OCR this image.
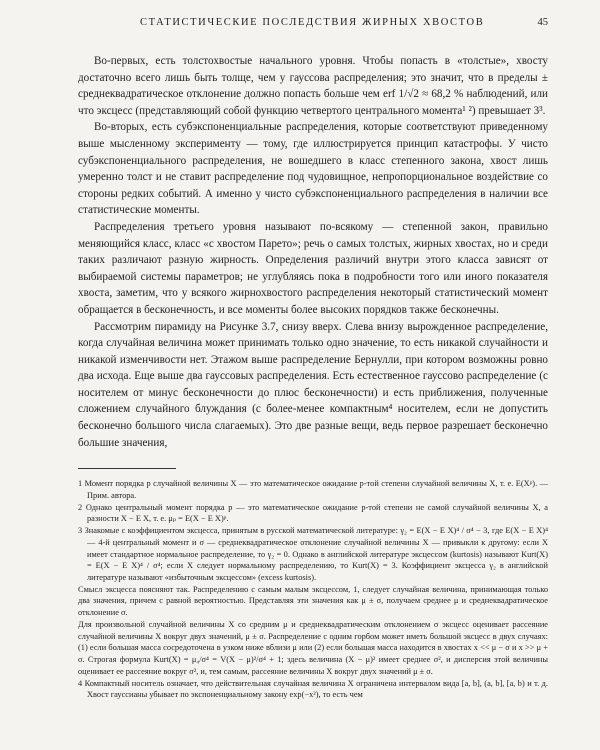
СТАТИСТИЧЕСКИЕ ПОСЛЕДСТВИЯ ЖИРНЫХ ХВОСТОВ	45

Во-первых, есть толстохвостые начального уровня. Чтобы попасть в «толстые», хвосту достаточно всего лишь быть толще, чем у гауссова распределения; это значит, что в пределы ± среднеквадратическое отклонение должно попасть больше чем erf 1/√2 ≈ 68,2 % наблюдений, или что эксцесс (представляющий собой функцию четвертого центрального момента¹ ²) превышает 3³.

Во-вторых, есть субэкспоненциальные распределения, которые соответствуют приведенному выше мысленному эксперименту — тому, где иллюстрируется принцип катастрофы. У чисто субэкспоненциального распределения, не вошедшего в класс степенного закона, хвост лишь умеренно толст и не ставит распределение под чудовищное, непропорциональное воздействие со стороны редких событий. А именно у чисто субэкспоненциального распределения в наличии все статистические моменты.

Распределения третьего уровня называют по-всякому — степенной закон, правильно меняющийся класс, класс «с хвостом Парето»; речь о самых толстых, жирных хвостах, но и среди таких различают разную жирность. Определения различий внутри этого класса зависят от выбираемой системы параметров; не углубляясь пока в подробности того или иного показателя хвоста, заметим, что у всякого жирнохвостого распределения некоторый статистический момент обращается в бесконечность, и все моменты более высоких порядков также бесконечны.

Рассмотрим пирамиду на Рисунке 3.7, снизу вверх. Слева внизу вырожденное распределение, когда случайная величина может принимать только одно значение, то есть никакой случайности и никакой изменчивости нет. Этажом выше распределение Бернулли, при котором возможны ровно два исхода. Еще выше два гауссовых распределения. Есть естественное гауссово распределение (с носителем от минус бесконечности до плюс бесконечности) и есть приближения, полученные сложением случайного блуждания (с более-менее компактным⁴ носителем, если не допустить бесконечно большого числа слагаемых). Это две разные вещи, ведь первое разрешает бесконечно большие значения,

1 Момент порядка p случайной величины X — это математическое ожидание p-той степени случайной величины X, т. е. E(Xᵖ). — Прим. автора.

2 Однако центральный момент порядка p — это математическое ожидание p-той степени не самой случайной величины X, а разности X − E X, т. е. μₚ = E(X − E X)ᵖ.

3 Знакомые с коэффициентом эксцесса, принятым в русской математической литературе: γ₂ = E(X − E X)⁴ / σ⁴ − 3, где E(X − E X)⁴ — 4-й центральный момент и σ — среднеквадратическое отклонение случайной величины X — привыкли к другому: если X имеет стандартное нормальное распределение, то γ₂ = 0. Однако в английской литературе эксцессом (kurtosis) называют Kurt(X) = E(X − E X)⁴ / σ⁴; если X следует нормальному распределению, то Kurt(X) = 3. Коэффициент эксцесса γ₂ в английской литературе называют «избыточным эксцессом» (excess kurtosis).

Смысл эксцесса поясняют так. Распределению с самым малым эксцессом, 1, следует случайная величина, принимающая только два значения, причем с равной вероятностью. Представляя эти значения как μ ± σ, получаем среднее μ и среднеквадратическое отклонение σ.

Для произвольной случайной величины X со средним μ и среднеквадратическим отклонением σ эксцесс оценивает рассеяние случайной величины X вокруг двух значений, μ ± σ. Распределение с одним горбом может иметь большой эксцесс в двух случаях: (1) если большая масса сосредоточена в узком ниже вблизи μ или (2) если большая масса находится в хвостах x << μ − σ и x >> μ + σ. Строгая формула Kurt(X) = μ₄/σ⁴ = V(X − μ)²/σ⁴ + 1; здесь величина (X − μ)² имеет среднее σ², и дисперсия этой величины оценивает ее рассеяние вокруг σ², и, тем самым, рассеяние величины X вокруг двух значений μ ± σ.

4 Компактный носитель означает, что действительная случайная величина X ограничена интервалом вида [a, b], (a, b], [a, b) и т. д. Хвост гауссианы убывает по экспоненциальному закону exp(−x²), то есть чем
